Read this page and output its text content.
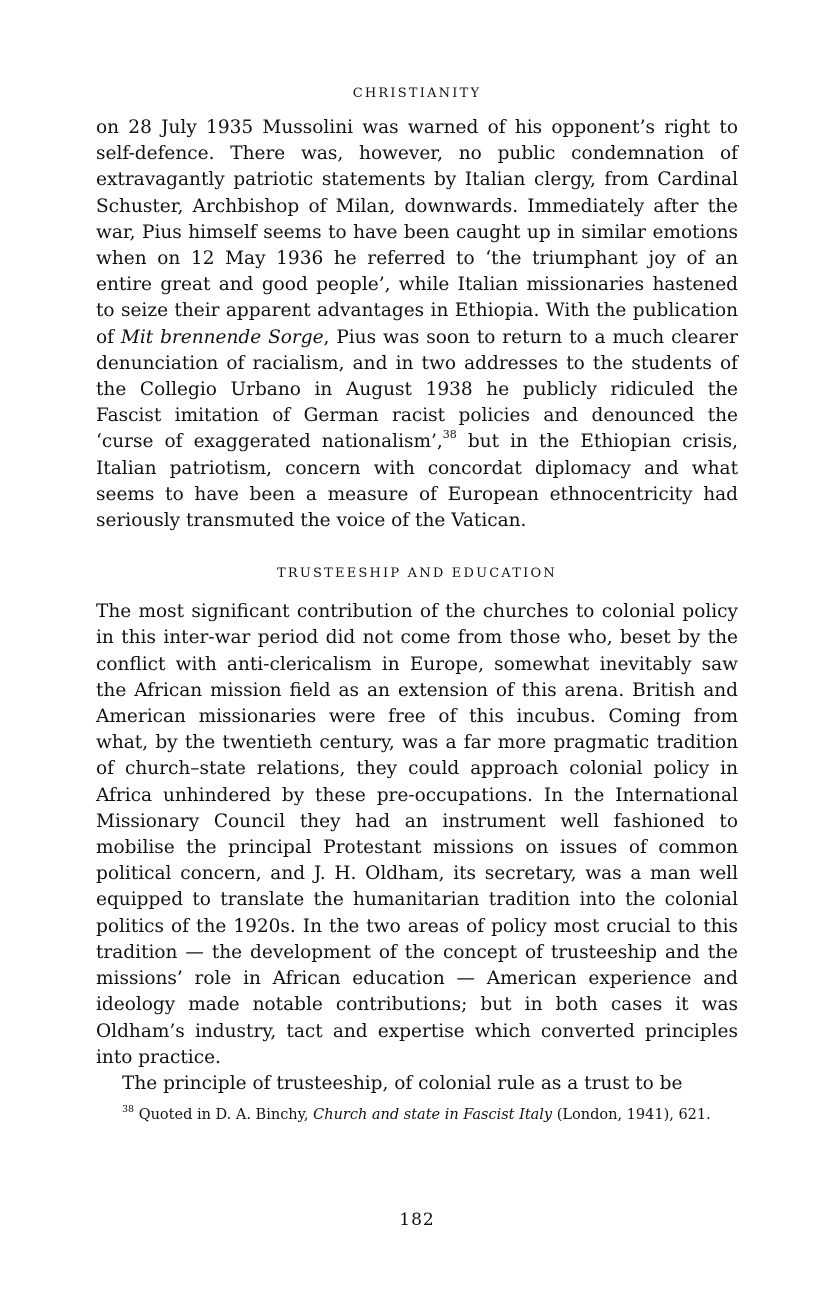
CHRISTIANITY

on 28 July 1935 Mussolini was warned of his opponent’s right to self-defence. There was, however, no public condemnation of extravagantly patriotic statements by Italian clergy, from Cardinal Schuster, Archbishop of Milan, downwards. Immediately after the war, Pius himself seems to have been caught up in similar emotions when on 12 May 1936 he referred to ‘the triumphant joy of an entire great and good people’, while Italian missionaries hastened to seize their apparent advantages in Ethiopia. With the publication of Mit brennende Sorge, Pius was soon to return to a much clearer denunciation of racialism, and in two addresses to the students of the Collegio Urbano in August 1938 he publicly ridiculed the Fascist imitation of German racist policies and denounced the ‘curse of exaggerated nationalism’,$^{38}$ but in the Ethiopian crisis, Italian patriotism, concern with concordat diplomacy and what seems to have been a measure of European ethnocentricity had seriously transmuted the voice of the Vatican.

TRUSTEESHIP AND EDUCATION

The most significant contribution of the churches to colonial policy in this inter-war period did not come from those who, beset by the conflict with anti-clericalism in Europe, somewhat inevitably saw the African mission field as an extension of this arena. British and American missionaries were free of this incubus. Coming from what, by the twentieth century, was a far more pragmatic tradition of church–state relations, they could approach colonial policy in Africa unhindered by these pre-occupations. In the International Missionary Council they had an instrument well fashioned to mobilise the principal Protestant missions on issues of common political concern, and J. H. Oldham, its secretary, was a man well equipped to translate the humanitarian tradition into the colonial politics of the 1920s. In the two areas of policy most crucial to this tradition — the development of the concept of trusteeship and the missions’ role in African education — American experience and ideology made notable contributions; but in both cases it was Oldham’s industry, tact and expertise which converted principles into practice.

The principle of trusteeship, of colonial rule as a trust to be

$^{38}$ Quoted in D. A. Binchy, Church and state in Fascist Italy (London, 1941), 621.
182
